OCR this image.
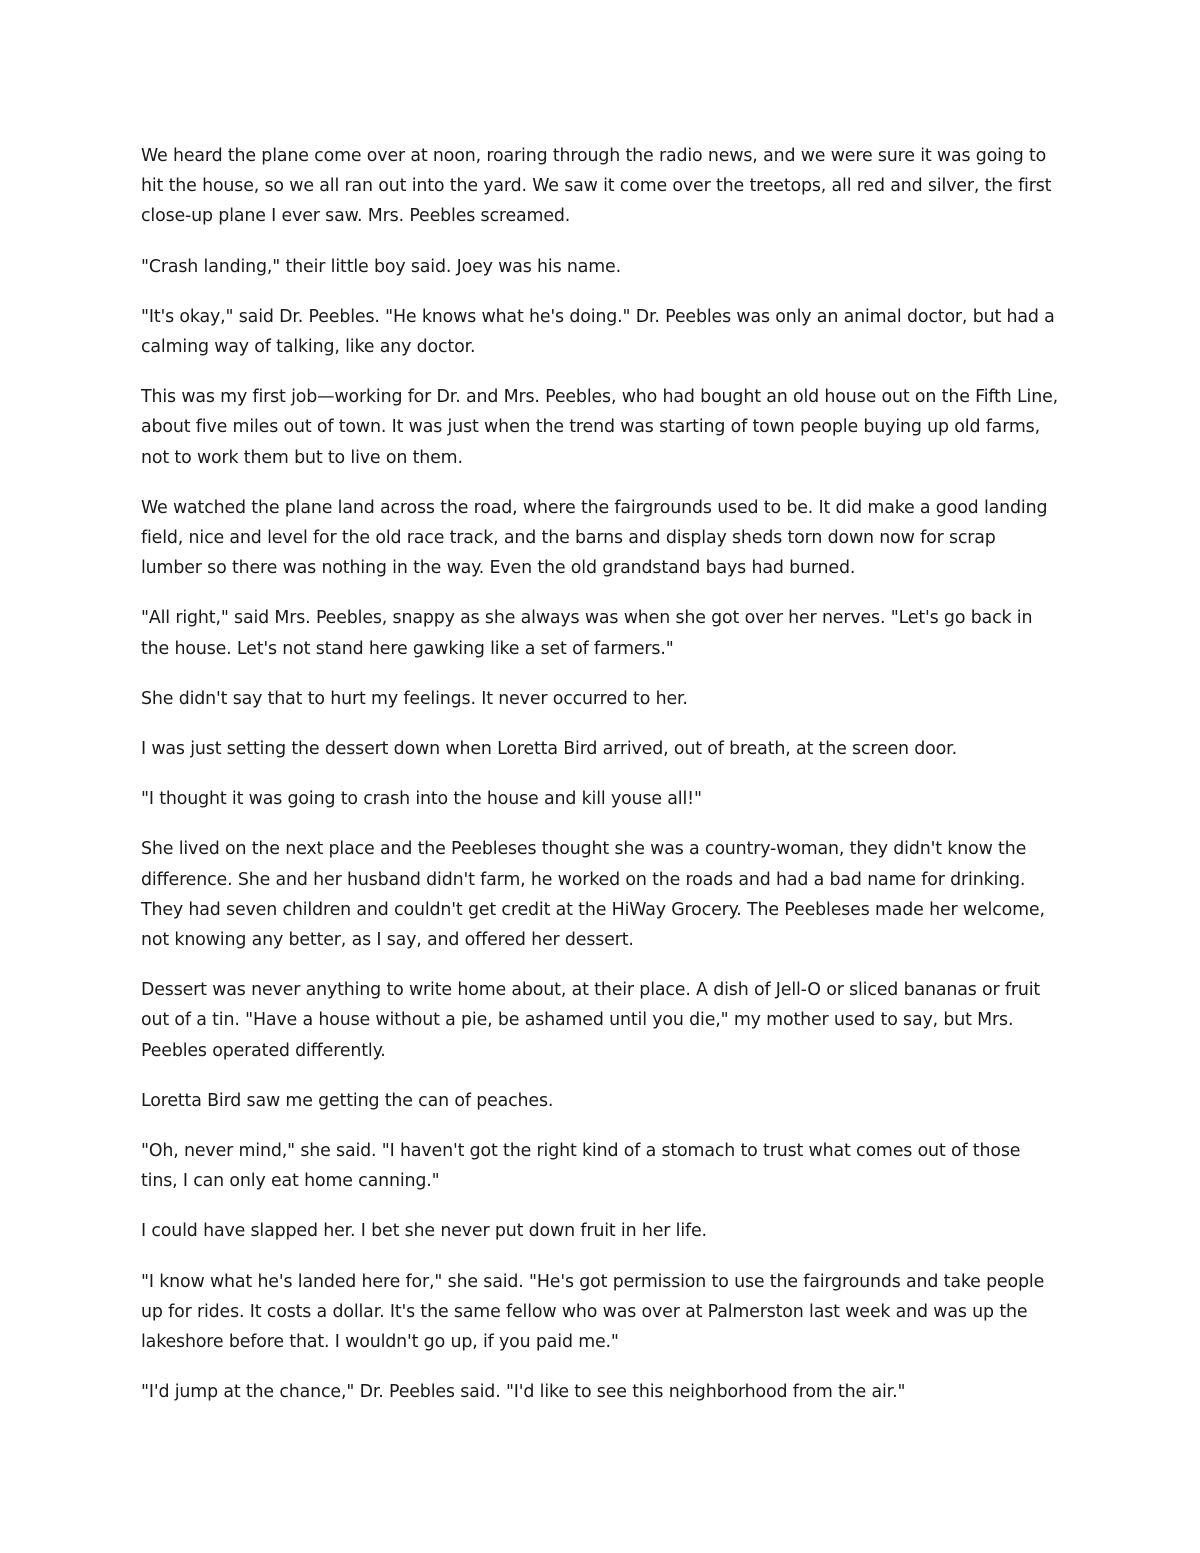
We heard the plane come over at noon, roaring through the radio news, and we were sure it was going to hit the house, so we all ran out into the yard. We saw it come over the treetops, all red and silver, the first close-up plane I ever saw. Mrs. Peebles screamed.

"Crash landing," their little boy said. Joey was his name.

"It's okay," said Dr. Peebles. "He knows what he's doing." Dr. Peebles was only an animal doctor, but had a calming way of talking, like any doctor.

This was my first job—working for Dr. and Mrs. Peebles, who had bought an old house out on the Fifth Line, about five miles out of town. It was just when the trend was starting of town people buying up old farms, not to work them but to live on them.

We watched the plane land across the road, where the fairgrounds used to be. It did make a good landing field, nice and level for the old race track, and the barns and display sheds torn down now for scrap lumber so there was nothing in the way. Even the old grandstand bays had burned.

"All right," said Mrs. Peebles, snappy as she always was when she got over her nerves. "Let's go back in the house. Let's not stand here gawking like a set of farmers."

She didn't say that to hurt my feelings. It never occurred to her.

I was just setting the dessert down when Loretta Bird arrived, out of breath, at the screen door.

"I thought it was going to crash into the house and kill youse all!"

She lived on the next place and the Peebleses thought she was a country-woman, they didn't know the difference. She and her husband didn't farm, he worked on the roads and had a bad name for drinking. They had seven children and couldn't get credit at the HiWay Grocery. The Peebleses made her welcome, not knowing any better, as I say, and offered her dessert.

Dessert was never anything to write home about, at their place. A dish of Jell-O or sliced bananas or fruit out of a tin. "Have a house without a pie, be ashamed until you die," my mother used to say, but Mrs. Peebles operated differently.

Loretta Bird saw me getting the can of peaches.

"Oh, never mind," she said. "I haven't got the right kind of a stomach to trust what comes out of those tins, I can only eat home canning."

I could have slapped her. I bet she never put down fruit in her life.

"I know what he's landed here for," she said. "He's got permission to use the fairgrounds and take people up for rides. It costs a dollar. It's the same fellow who was over at Palmerston last week and was up the lakeshore before that. I wouldn't go up, if you paid me."

"I'd jump at the chance," Dr. Peebles said. "I'd like to see this neighborhood from the air."
